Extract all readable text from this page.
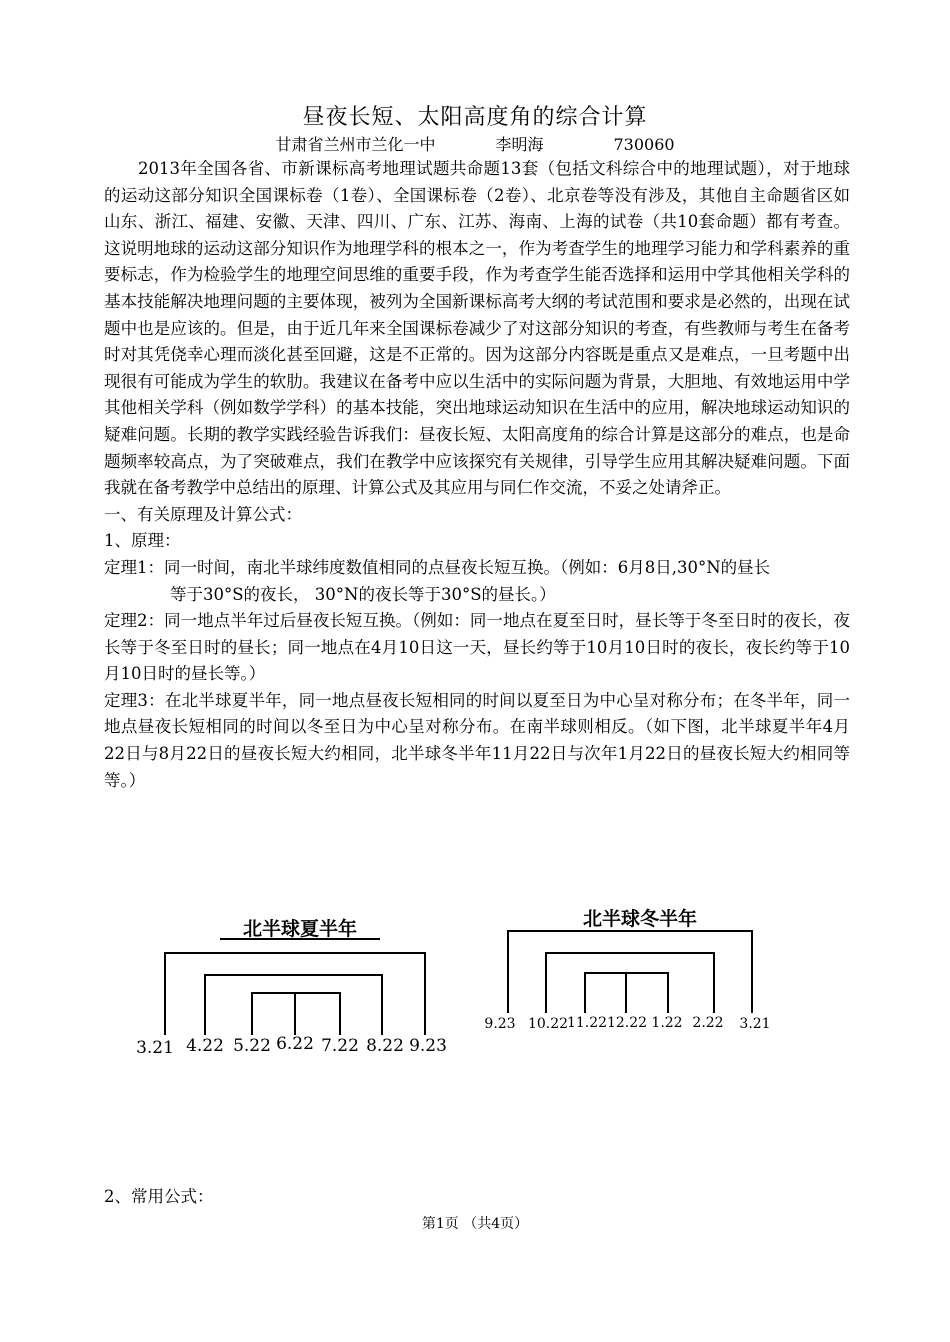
昼夜长短、太阳高度角的综合计算
甘肃省兰州市兰化一中	李明海	730060

2013年全国各省、市新课标高考地理试题共命题13套（包括文科综合中的地理试题），对于地球的运动这部分知识全国课标卷（1卷）、全国课标卷（2卷）、北京卷等没有涉及，其他自主命题省区如山东、浙江、福建、安徽、天津、四川、广东、江苏、海南、上海的试卷（共10套命题）都有考查。这说明地球的运动这部分知识作为地理学科的根本之一，作为考查学生的地理学习能力和学科素养的重要标志，作为检验学生的地理空间思维的重要手段，作为考查学生能否选择和运用中学其他相关学科的基本技能解决地理问题的主要体现，被列为全国新课标高考大纲的考试范围和要求是必然的，出现在试题中也是应该的。但是，由于近几年来全国课标卷减少了对这部分知识的考查，有些教师与考生在备考时对其凭侥幸心理而淡化甚至回避，这是不正常的。因为这部分内容既是重点又是难点，一旦考题中出现很有可能成为学生的软肋。我建议在备考中应以生活中的实际问题为背景，大胆地、有效地运用中学其他相关学科（例如数学学科）的基本技能，突出地球运动知识在生活中的应用，解决地球运动知识的疑难问题。长期的教学实践经验告诉我们：昼夜长短、太阳高度角的综合计算是这部分的难点，也是命题频率较高点，为了突破难点，我们在教学中应该探究有关规律，引导学生应用其解决疑难问题。下面我就在备考教学中总结出的原理、计算公式及其应用与同仁作交流，不妥之处请斧正。

一、有关原理及计算公式：

1、原理：

定理1：同一时间，南北半球纬度数值相同的点昼夜长短互换。（例如：6月8日,30°N的昼长

等于30°S的夜长， 30°N的夜长等于30°S的昼长。）

定理2：同一地点半年过后昼夜长短互换。（例如：同一地点在夏至日时，昼长等于冬至日时的夜长，夜长等于冬至日时的昼长；同一地点在4月10日这一天，昼长约等于10月10日时的夜长，夜长约等于10月10日时的昼长等。）

定理3：在北半球夏半年，同一地点昼夜长短相同的时间以夏至日为中心呈对称分布；在冬半年，同一地点昼夜长短相同的时间以冬至日为中心呈对称分布。在南半球则相反。（如下图，北半球夏半年4月22日与8月22日的昼夜长短大约相同，北半球冬半年11月22日与次年1月22日的昼夜长短大约相同等等。）

北半球夏半年
3.21 4.22 5.22 6.22 7.22 8.22 9.23
北半球冬半年
9.23 10.22
11.22 12.22 1.22 2.22 3.21
2、常用公式：
第1页 （共4页）
